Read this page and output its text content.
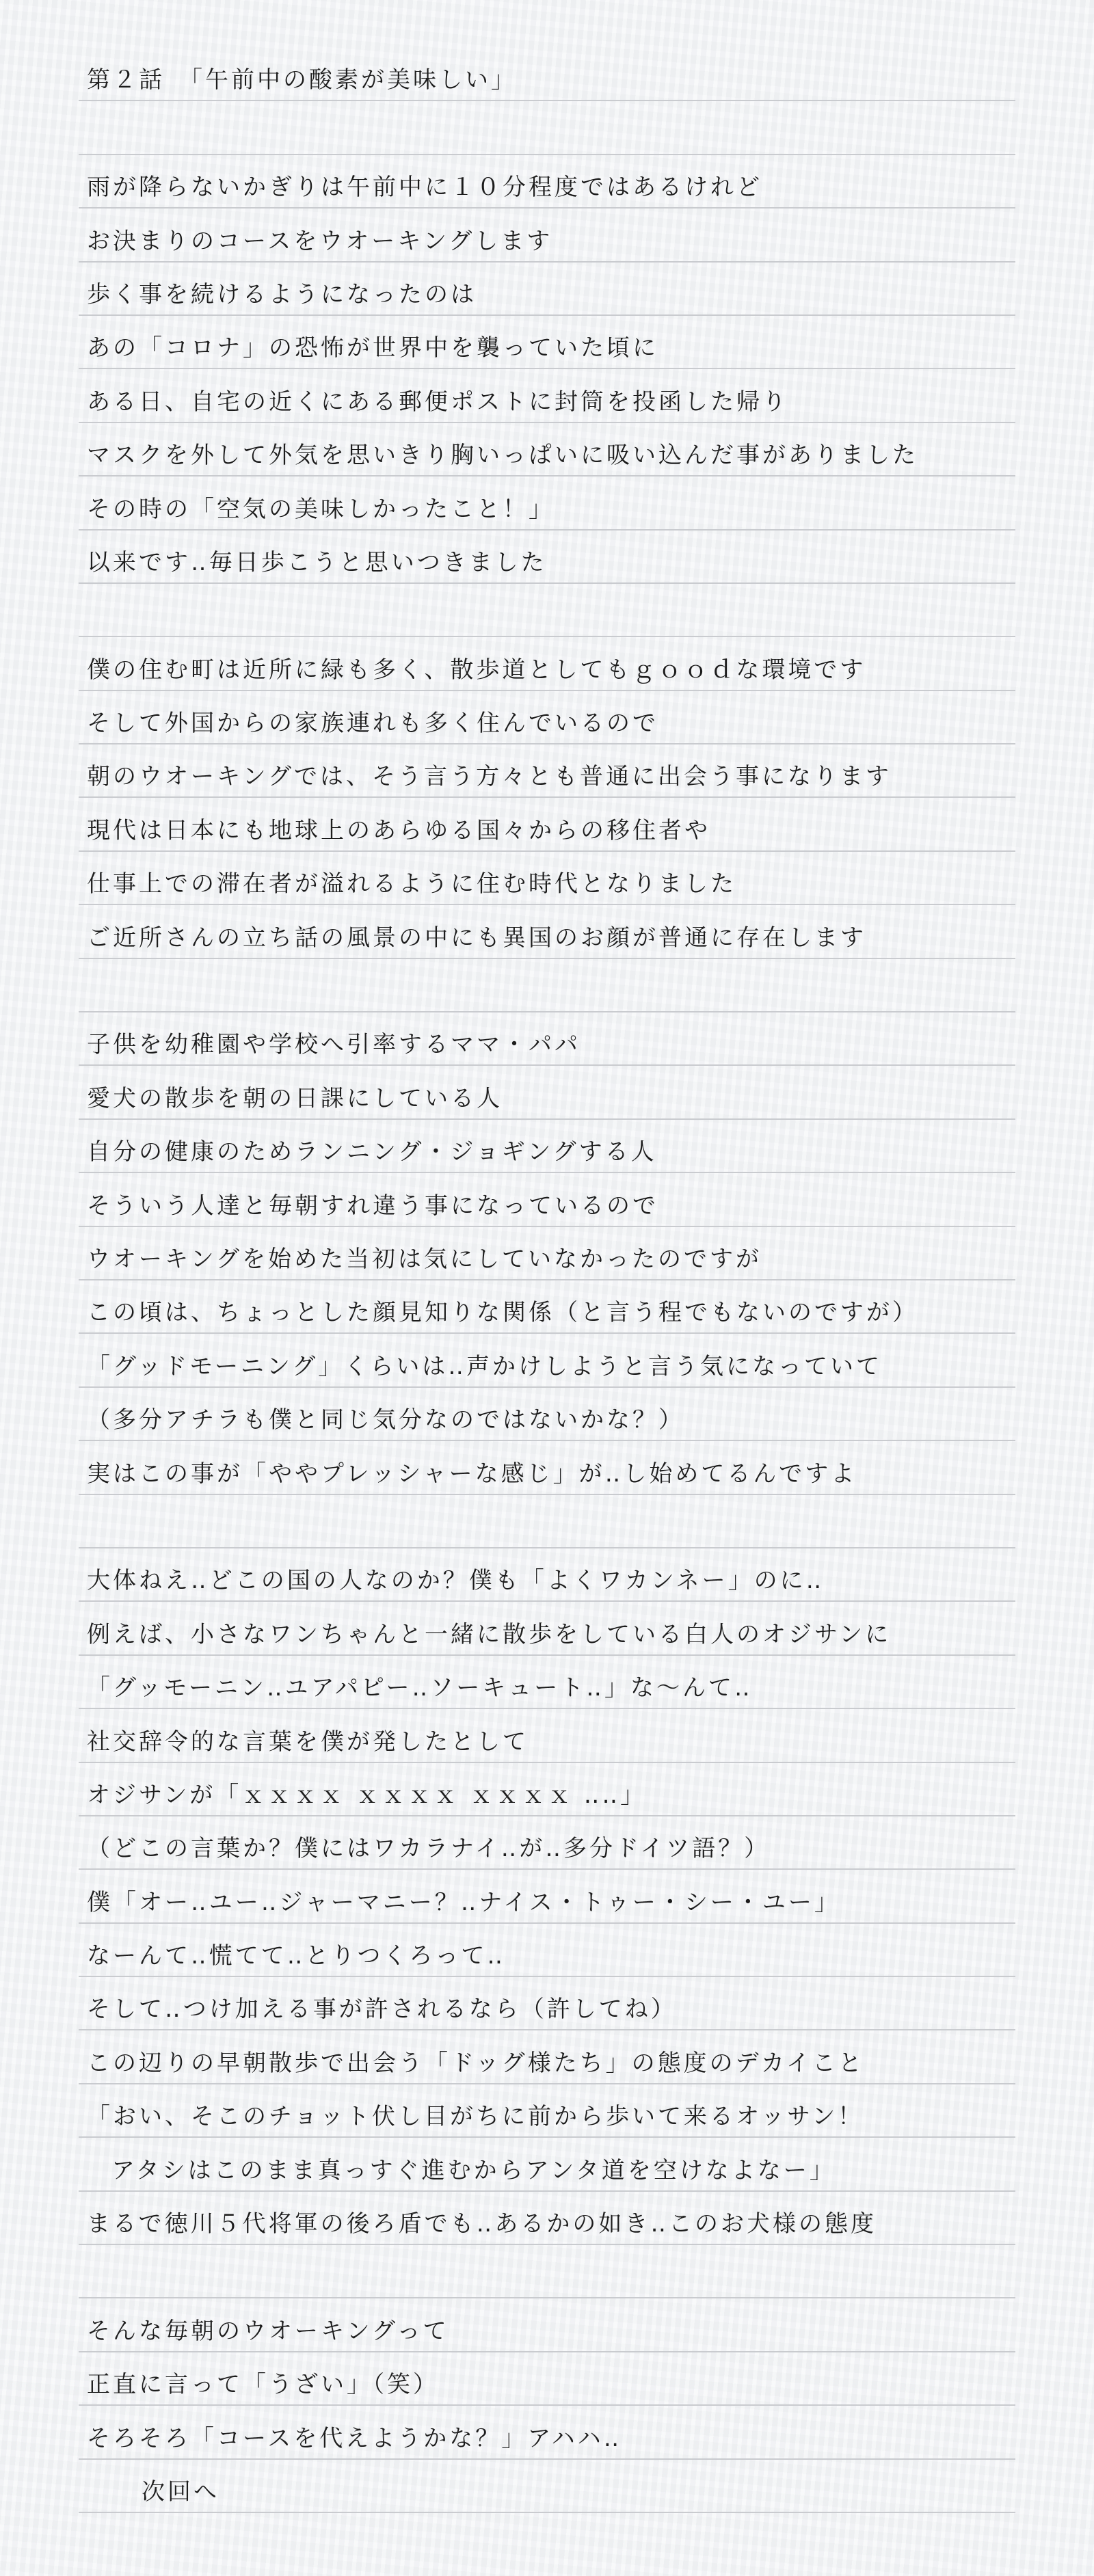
第２話　「午前中の酸素が美味しい」
雨が降らないかぎりは午前中に１０分程度ではあるけれど
お決まりのコースをウオーキングします
歩く事を続けるようになったのは
あの「コロナ」の恐怖が世界中を襲っていた頃に
ある日、自宅の近くにある郵便ポストに封筒を投函した帰り
マスクを外して外気を思いきり胸いっぱいに吸い込んだ事がありました
その時の「空気の美味しかったこと！」
以来です‥毎日歩こうと思いつきました
僕の住む町は近所に緑も多く、散歩道としてもｇｏｏｄな環境です
そして外国からの家族連れも多く住んでいるので
朝のウオーキングでは、そう言う方々とも普通に出会う事になります
現代は日本にも地球上のあらゆる国々からの移住者や
仕事上での滞在者が溢れるように住む時代となりました
ご近所さんの立ち話の風景の中にも異国のお顔が普通に存在します
子供を幼稚園や学校へ引率するママ・パパ
愛犬の散歩を朝の日課にしている人
自分の健康のためランニング・ジョギングする人
そういう人達と毎朝すれ違う事になっているので
ウオーキングを始めた当初は気にしていなかったのですが
この頃は、ちょっとした顔見知りな関係（と言う程でもないのですが）
「グッドモーニング」くらいは‥声かけしようと言う気になっていて
（多分アチラも僕と同じ気分なのではないかな？）
実はこの事が「ややプレッシャーな感じ」が‥し始めてるんですよ
大体ねえ‥どこの国の人なのか？僕も「よくワカンネー」のに‥
例えば、小さなワンちゃんと一緒に散歩をしている白人のオジサンに
「グッモーニン‥ユアパピー‥ソーキュート‥」な～んて‥
社交辞令的な言葉を僕が発したとして
オジサンが「ｘｘｘｘ ｘｘｘｘ ｘｘｘｘ ‥‥」
（どこの言葉か？僕にはワカラナイ‥が‥多分ドイツ語？）
僕「オー‥ユー‥ジャーマニー？‥ナイス・トゥー・シー・ユー」
なーんて‥慌てて‥とりつくろって‥
そして‥つけ加える事が許されるなら（許してね）
この辺りの早朝散歩で出会う「ドッグ様たち」の態度のデカイこと
「おい、そこのチョット伏し目がちに前から歩いて来るオッサン！
アタシはこのまま真っすぐ進むからアンタ道を空けなよなー」
まるで徳川５代将軍の後ろ盾でも‥あるかの如き‥このお犬様の態度
そんな毎朝のウオーキングって
正直に言って「うざい」（笑）
そろそろ「コースを代えようかな？」アハハ‥
次回へ
